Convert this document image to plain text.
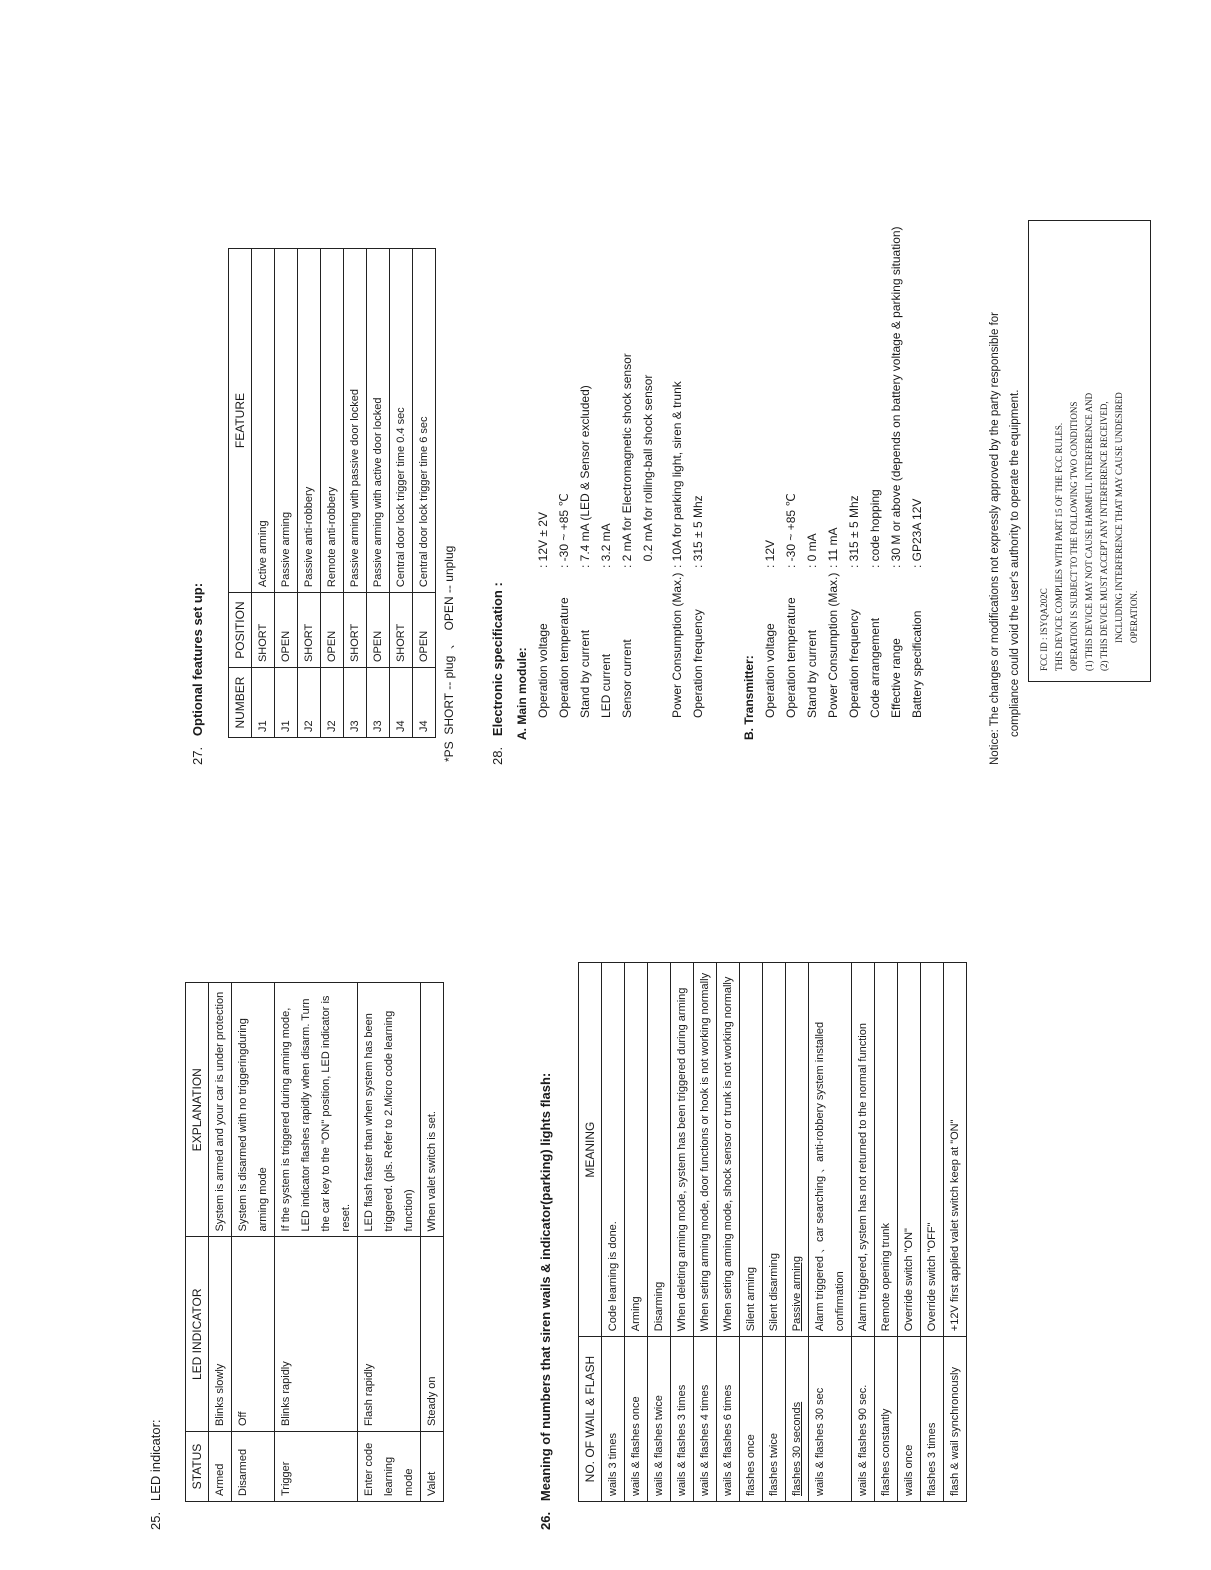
25.   LED indicator: STATUS	LED INDICATOR	EXPLANATION
Armed	Blinks slowly	System is armed and your car is under protection
Disarmed	Off	System is disarmed with no triggeringduring arming mode
Trigger	Blinks rapidly	If the system is triggered during arming mode, LED indicator flashes rapidly when disarm. Turn the car key to the "ON" position, LED indicator is reset.
Enter code learning mode	Flash rapidly	LED flash faster than when system has been triggered. (pls. Refer to 2.Micro code learning function)
Valet	Steady on	When valet switch is set.
26.   Meaning of numbers that siren wails & indicator(parking) lights flash:	NO. OF WAIL & FLASH	MEANING
wails 3 times	Code learning is done.
wails & flashes once	Arming
wails & flashes twice	Disarming
wails & flashes 3 times	When deleting arming mode, system has been triggered during arming
wails & flashes 4 times	When seting arming mode, door functions or hook is not working normally
wails & flashes 6 times	When seting arming mode, shock sensor or trunk is not working normally
flashes once	Silent arming
flashes twice	Silent disarming
flashes 30 seconds	Passive arming
wails & flashes 30 sec	Alarm triggered 、car searching 、anti-robbery system installed confirmation
wails & flashes 90 sec.	Alarm triggered, system has not returned to the normal function
flashes constantly	Remote opening trunk
wails once	Override switch "ON"
flashes 3 times	Override switch "OFF"
flash & wail synchronously	+12V first applied valet switch keep at "ON"
27.   Optional features set up: NUMBER	POSITION	FEATURE
J1	SHORT	Active arming
J1	OPEN	Passive arming
J2	SHORT	Passive anti-robbery
J2	OPEN	Remote anti-robbery
J3	SHORT	Passive arming with passive door locked
J3	OPEN	Passive arming with active door locked
J4	SHORT	Central door lock trigger time 0.4 sec
J4	OPEN	Central door lock trigger time 6 sec
*PS  SHORT -- plug  、  OPEN -- unplug	28.   Electronic specification : A. Main module: Operation voltage
: 12V ± 2V
Operation temperature
: -30 ~ +85 ℃
Stand by current
: 7.4 mA (LED & Sensor excluded)
LED current
: 3.2 mA
Sensor current
: 2 mA for Electromagnetic shock sensor 0.2 mA for rolling-ball shock sensor
Power Consumption (Max.)
: 10A for parking light, siren & trunk
Operation frequency
: 315 ± 5 Mhz
B. Transmitter: Operation voltage
: 12V
Operation temperature
: -30 ~ +85 ℃
Stand by current
: 0 mA
Power Consumption (Max.)
: 11 mA
Operation frequency
: 315 ± 5 Mhz
Code arrangement
: code hopping
Effective range
: 30 M or above (depends on battery voltage & parking situation)
Battery specification
: GP23A 12V	Notice: The changes or modifications not expressly approved by the party responsible for compliance could void the user's authority to operate the equipment.	FCC ID : ISYQA202C THIS DEVICE COMPLIES WITH PART 15 OF THE FCC RULES. OPERATION IS SUBJECT TO THE FOLLOWING TWO CONDITIONS (1) THIS DEVICE MAY NOT CAUSE HARMFUL INTERFERENCE AND (2) THIS DEVICE MUST ACCEPT ANY INTERFERENCE RECEIVED, INCLUDING INTERFERENCE THAT MAY CAUSE UNDESIRED OPERATION.
